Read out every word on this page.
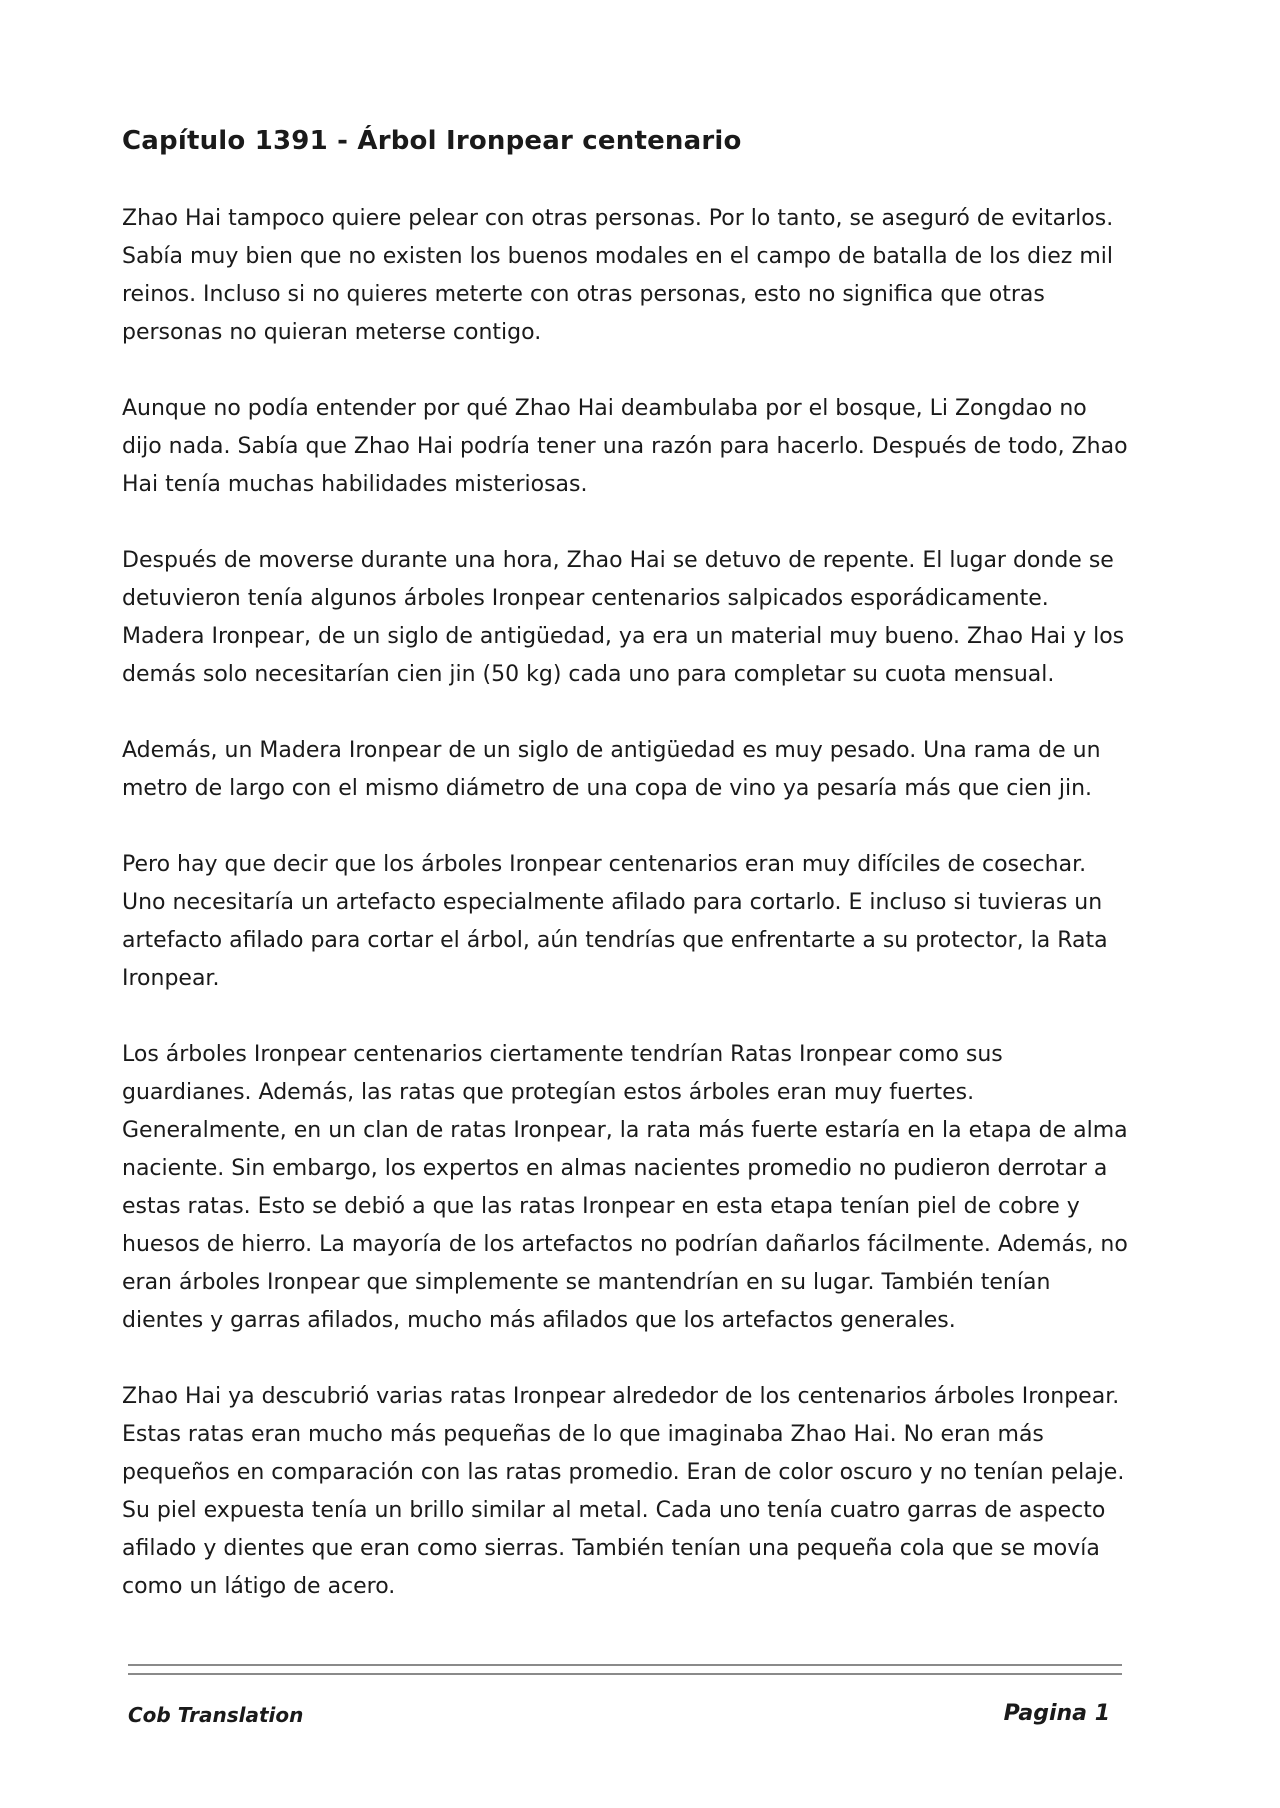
Capítulo 1391 - Árbol Ironpear centenario

Zhao Hai tampoco quiere pelear con otras personas. Por lo tanto, se aseguró de evitarlos. Sabía muy bien que no existen los buenos modales en el campo de batalla de los diez mil reinos. Incluso si no quieres meterte con otras personas, esto no significa que otras personas no quieran meterse contigo.

Aunque no podía entender por qué Zhao Hai deambulaba por el bosque, Li Zongdao no dijo nada. Sabía que Zhao Hai podría tener una razón para hacerlo. Después de todo, Zhao Hai tenía muchas habilidades misteriosas.

Después de moverse durante una hora, Zhao Hai se detuvo de repente. El lugar donde se detuvieron tenía algunos árboles Ironpear centenarios salpicados esporádicamente. Madera Ironpear, de un siglo de antigüedad, ya era un material muy bueno. Zhao Hai y los demás solo necesitarían cien jin (50 kg) cada uno para completar su cuota mensual.

Además, un Madera Ironpear de un siglo de antigüedad es muy pesado. Una rama de un metro de largo con el mismo diámetro de una copa de vino ya pesaría más que cien jin.

Pero hay que decir que los árboles Ironpear centenarios eran muy difíciles de cosechar. Uno necesitaría un artefacto especialmente afilado para cortarlo. E incluso si tuvieras un artefacto afilado para cortar el árbol, aún tendrías que enfrentarte a su protector, la Rata Ironpear.

Los árboles Ironpear centenarios ciertamente tendrían Ratas Ironpear como sus guardianes. Además, las ratas que protegían estos árboles eran muy fuertes. Generalmente, en un clan de ratas Ironpear, la rata más fuerte estaría en la etapa de alma naciente. Sin embargo, los expertos en almas nacientes promedio no pudieron derrotar a estas ratas. Esto se debió a que las ratas Ironpear en esta etapa tenían piel de cobre y huesos de hierro. La mayoría de los artefactos no podrían dañarlos fácilmente. Además, no eran árboles Ironpear que simplemente se mantendrían en su lugar. También tenían dientes y garras afilados, mucho más afilados que los artefactos generales.

Zhao Hai ya descubrió varias ratas Ironpear alrededor de los centenarios árboles Ironpear. Estas ratas eran mucho más pequeñas de lo que imaginaba Zhao Hai. No eran más pequeños en comparación con las ratas promedio. Eran de color oscuro y no tenían pelaje. Su piel expuesta tenía un brillo similar al metal. Cada uno tenía cuatro garras de aspecto afilado y dientes que eran como sierras. También tenían una pequeña cola que se movía como un látigo de acero.

Cob Translation	Pagina 1
